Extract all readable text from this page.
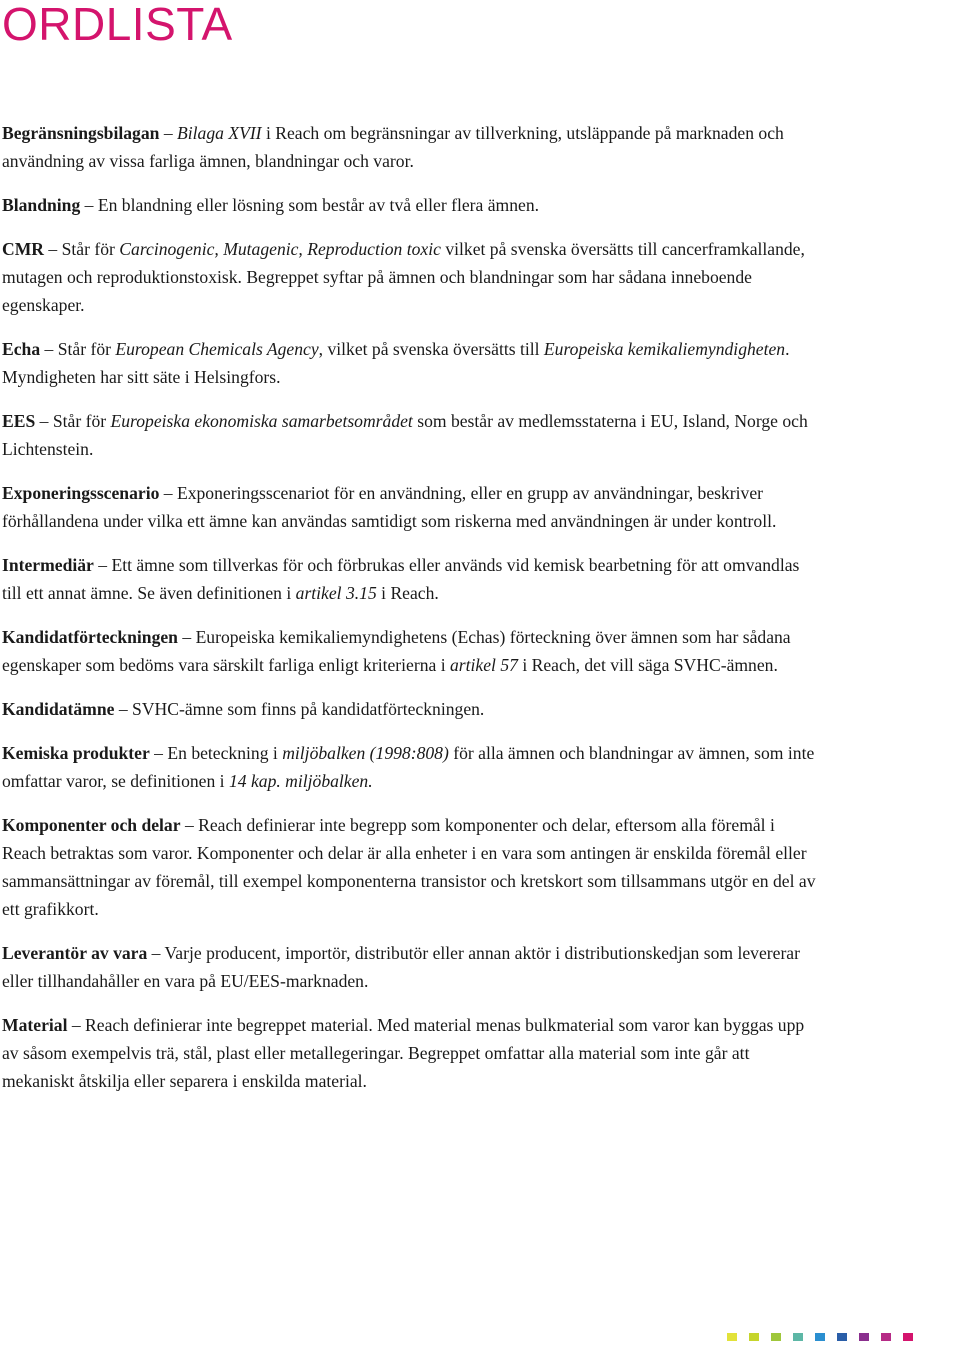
ORDLISTA

Begränsningsbilagan – Bilaga XVII i Reach om begränsningar av tillverkning, utsläppande på marknaden och användning av vissa farliga ämnen, blandningar och varor.

Blandning – En blandning eller lösning som består av två eller flera ämnen.

CMR – Står för Carcinogenic, Mutagenic, Reproduction toxic vilket på svenska översätts till cancerframkallande, mutagen och reproduktionstoxisk. Begreppet syftar på ämnen och blandningar som har sådana inneboende egenskaper.

Echa – Står för European Chemicals Agency, vilket på svenska översätts till Europeiska kemikaliemyndigheten. Myndigheten har sitt säte i Helsingfors.

EES – Står för Europeiska ekonomiska samarbetsområdet som består av medlemsstaterna i EU, Island, Norge och Lichtenstein.

Exponeringsscenario – Exponeringsscenariot för en användning, eller en grupp av användningar, beskriver förhållandena under vilka ett ämne kan användas samtidigt som riskerna med användningen är under kontroll.

Intermediär – Ett ämne som tillverkas för och förbrukas eller används vid kemisk bearbetning för att omvandlas till ett annat ämne. Se även definitionen i artikel 3.15 i Reach.

Kandidatförteckningen – Europeiska kemikaliemyndighetens (Echas) förteckning över ämnen som har sådana egenskaper som bedöms vara särskilt farliga enligt kriterierna i artikel 57 i Reach, det vill säga SVHC-ämnen.

Kandidatämne – SVHC-ämne som finns på kandidatförteckningen.

Kemiska produkter – En beteckning i miljöbalken (1998:808) för alla ämnen och blandningar av ämnen, som inte omfattar varor, se definitionen i 14 kap. miljöbalken.

Komponenter och delar – Reach definierar inte begrepp som komponenter och delar, eftersom alla föremål i Reach betraktas som varor. Komponenter och delar är alla enheter i en vara som antingen är enskilda föremål eller sammansättningar av föremål, till exempel komponenterna transistor och kretskort som tillsammans utgör en del av ett grafikkort.

Leverantör av vara – Varje producent, importör, distributör eller annan aktör i distributionskedjan som levererar eller tillhandahåller en vara på EU/EES-marknaden.

Material – Reach definierar inte begreppet material. Med material menas bulkmaterial som varor kan byggas upp av såsom exempelvis trä, stål, plast eller metallegeringar. Begreppet omfattar alla material som inte går att mekaniskt åtskilja eller separera i enskilda material.
